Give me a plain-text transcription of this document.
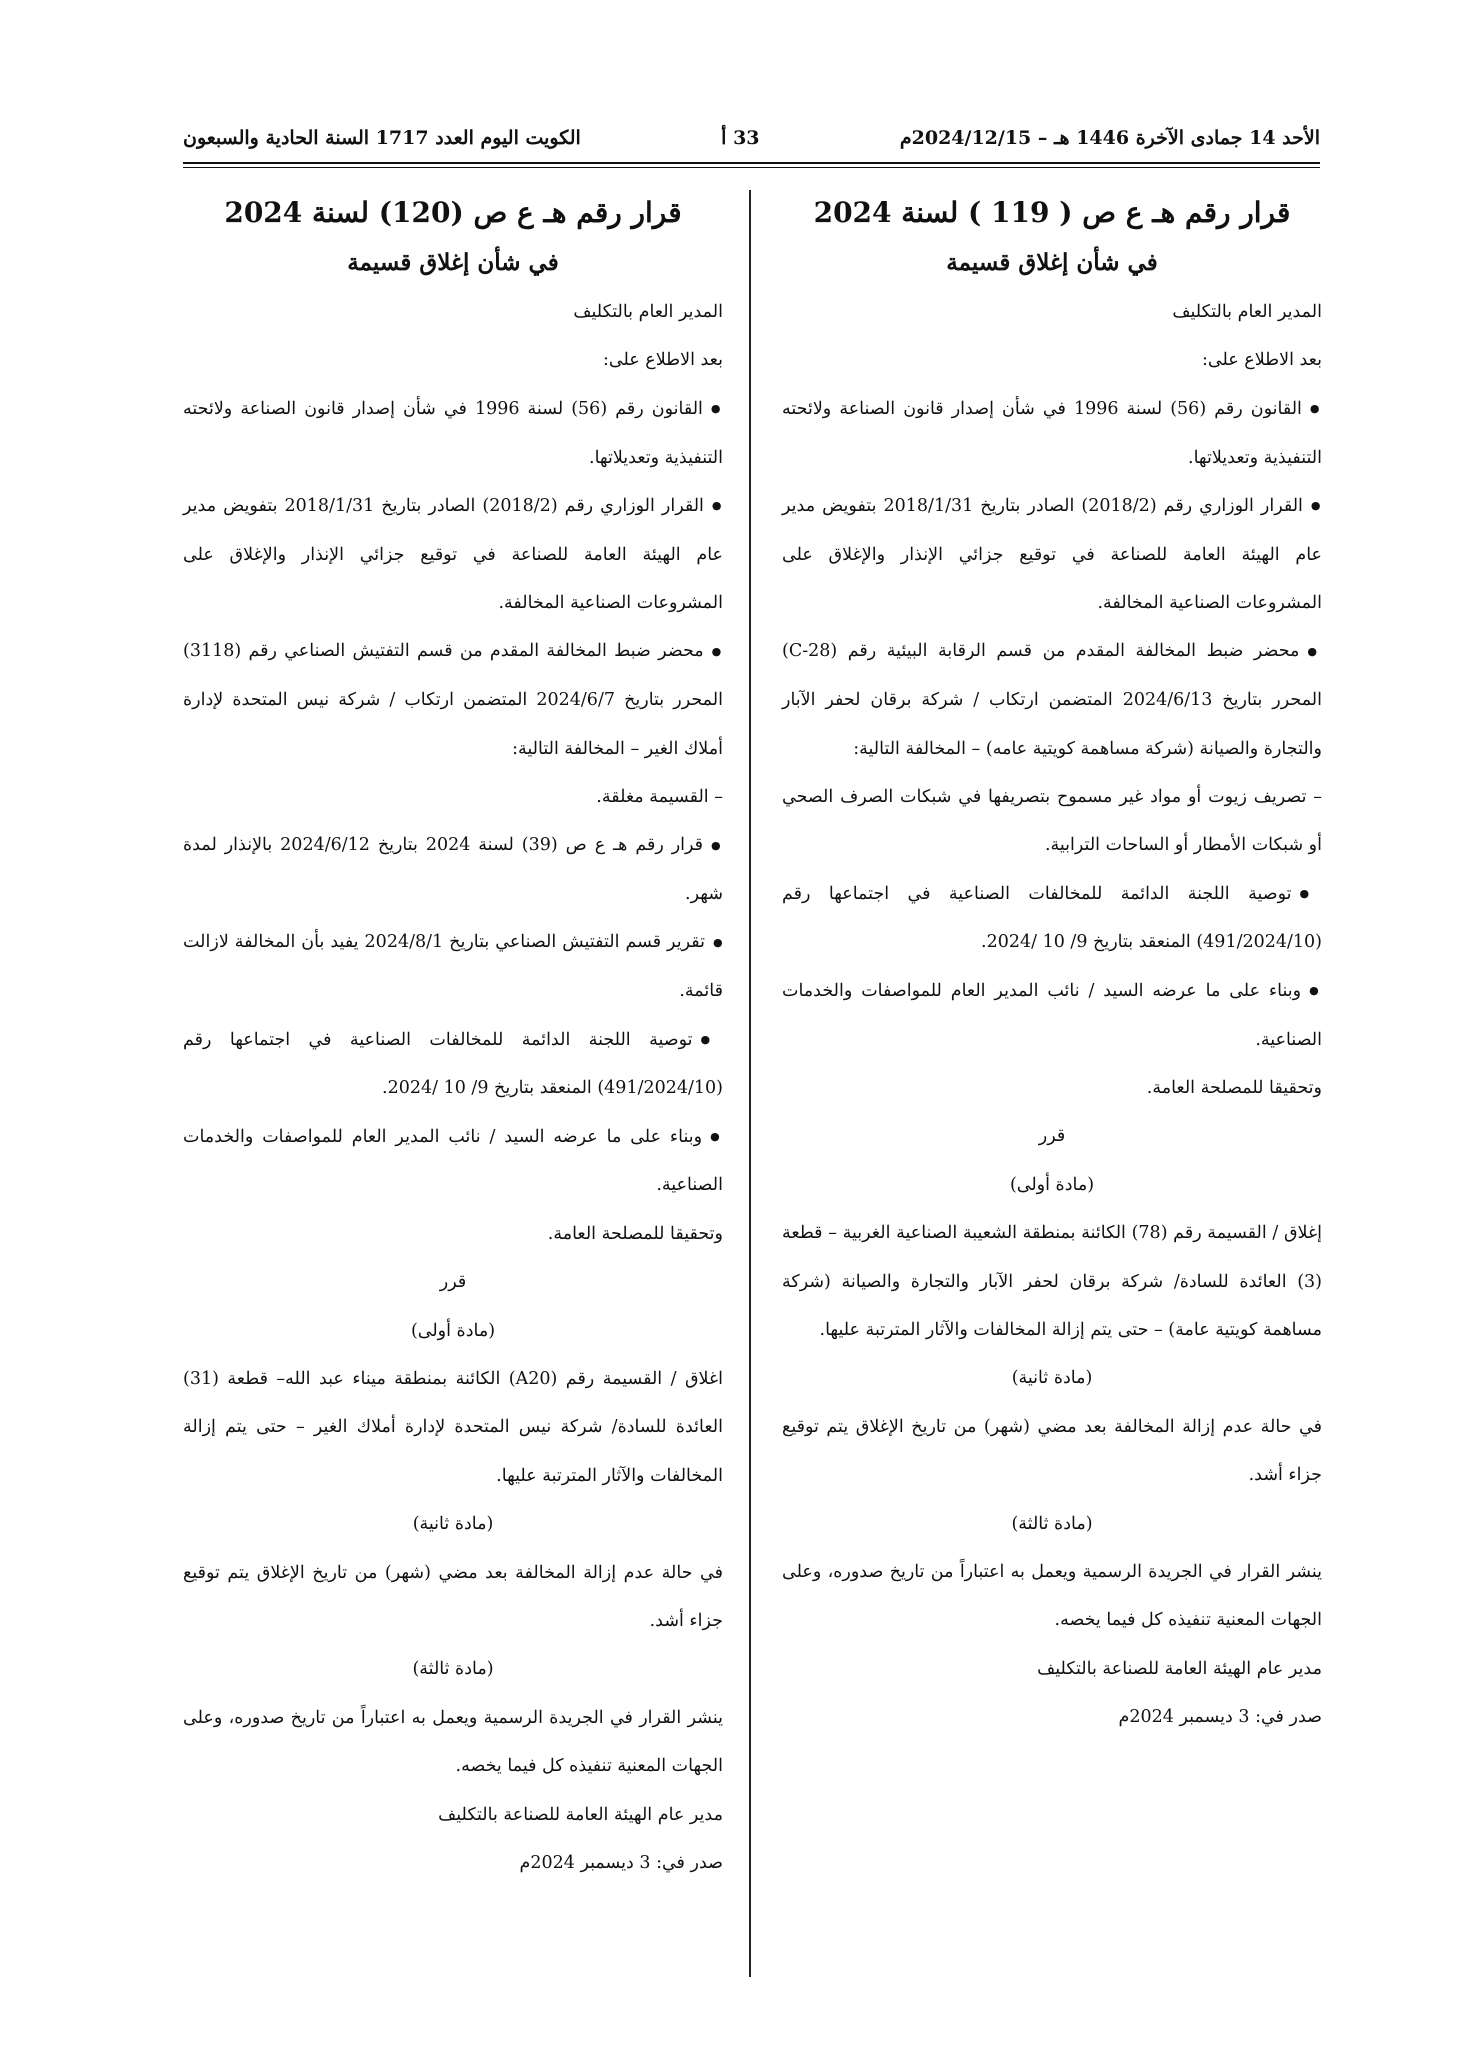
الأحد 14 جمادى الآخرة 1446 هـ – 2024/12/15م
33 أ
الكويت اليوم العدد 1717 السنة الحادية والسبعون

قرار رقم هـ ع ص ( 119 ) لسنة 2024

في شأن إغلاق قسيمة

المدير العام بالتكليف

بعد الاطلاع على:

● القانون رقم (56) لسنة 1996 في شأن إصدار قانون الصناعة ولائحته التنفيذية وتعديلاتها.

● القرار الوزاري رقم (2018/2) الصادر بتاريخ 2018/1/31 بتفويض مدير عام الهيئة العامة للصناعة في توقيع جزائي الإنذار والإغلاق على المشروعات الصناعية المخالفة.

● محضر ضبط المخالفة المقدم من قسم الرقابة البيئية رقم (C-28) المحرر بتاريخ 2024/6/13 المتضمن ارتكاب / شركة برقان لحفر الآبار والتجارة والصيانة (شركة مساهمة كويتية عامه) – المخالفة التالية:

– تصريف زيوت أو مواد غير مسموح بتصريفها في شبكات الصرف الصحي أو شبكات الأمطار أو الساحات الترابية.

● توصية اللجنة الدائمة للمخالفات الصناعية في اجتماعها رقم (491/2024/10) المنعقد بتاريخ 9/ 10 /2024.

● وبناء على ما عرضه السيد / نائب المدير العام للمواصفات والخدمات الصناعية.

وتحقيقا للمصلحة العامة.

قرر

(مادة أولى)

إغلاق / القسيمة رقم (78) الكائنة بمنطقة الشعيبة الصناعية الغربية – قطعة (3) العائدة للسادة/ شركة برقان لحفر الآبار والتجارة والصيانة (شركة مساهمة كويتية عامة) – حتى يتم إزالة المخالفات والآثار المترتبة عليها.

(مادة ثانية)

في حالة عدم إزالة المخالفة بعد مضي (شهر) من تاريخ الإغلاق يتم توقيع جزاء أشد.

(مادة ثالثة)

ينشر القرار في الجريدة الرسمية ويعمل به اعتباراً من تاريخ صدوره، وعلى الجهات المعنية تنفيذه كل فيما يخصه.

مدير عام الهيئة العامة للصناعة بالتكليف

صدر في: 3 ديسمبر 2024م

قرار رقم هـ ع ص (120) لسنة 2024

في شأن إغلاق قسيمة

المدير العام بالتكليف

بعد الاطلاع على:

● القانون رقم (56) لسنة 1996 في شأن إصدار قانون الصناعة ولائحته التنفيذية وتعديلاتها.

● القرار الوزاري رقم (2018/2) الصادر بتاريخ 2018/1/31 بتفويض مدير عام الهيئة العامة للصناعة في توقيع جزائي الإنذار والإغلاق على المشروعات الصناعية المخالفة.

● محضر ضبط المخالفة المقدم من قسم التفتيش الصناعي رقم (3118) المحرر بتاريخ 2024/6/7 المتضمن ارتكاب / شركة نيس المتحدة لإدارة أملاك الغير – المخالفة التالية:

– القسيمة مغلقة.

● قرار رقم هـ ع ص (39) لسنة 2024 بتاريخ 2024/6/12 بالإنذار لمدة شهر.

● تقرير قسم التفتيش الصناعي بتاريخ 2024/8/1 يفيد بأن المخالفة لازالت قائمة.

● توصية اللجنة الدائمة للمخالفات الصناعية في اجتماعها رقم (491/2024/10) المنعقد بتاريخ 9/ 10 /2024.

● وبناء على ما عرضه السيد / نائب المدير العام للمواصفات والخدمات الصناعية.

وتحقيقا للمصلحة العامة.

قرر

(مادة أولى)

اغلاق / القسيمة رقم (A20) الكائنة بمنطقة ميناء عبد الله– قطعة (31) العائدة للسادة/ شركة نيس المتحدة لإدارة أملاك الغير – حتى يتم إزالة المخالفات والآثار المترتبة عليها.

(مادة ثانية)

في حالة عدم إزالة المخالفة بعد مضي (شهر) من تاريخ الإغلاق يتم توقيع جزاء أشد.

(مادة ثالثة)

ينشر القرار في الجريدة الرسمية ويعمل به اعتباراً من تاريخ صدوره، وعلى الجهات المعنية تنفيذه كل فيما يخصه.

مدير عام الهيئة العامة للصناعة بالتكليف

صدر في: 3 ديسمبر 2024م
